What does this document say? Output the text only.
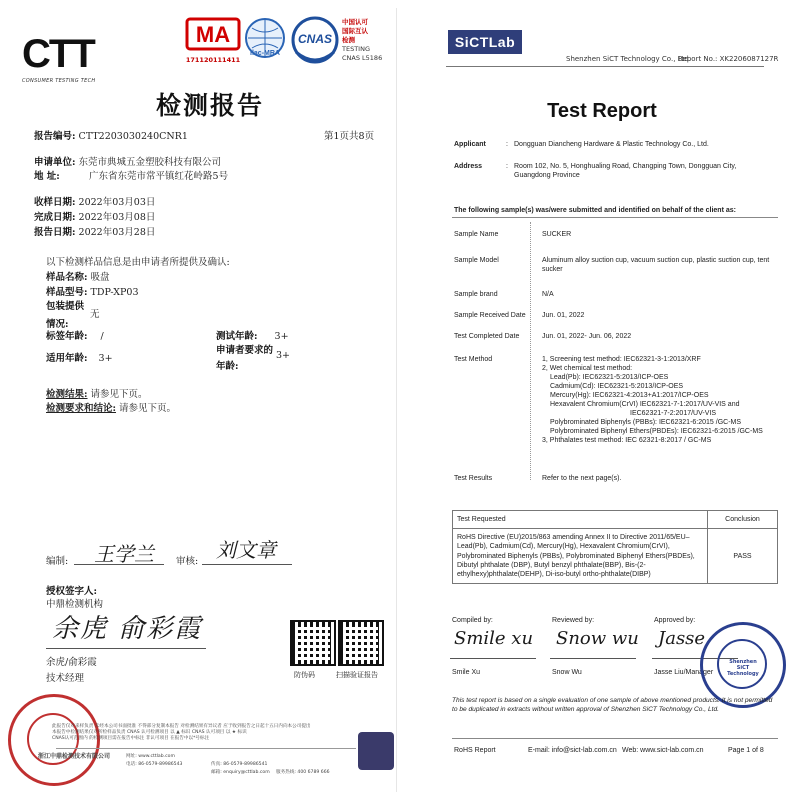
CTT
CONSUMER TESTING TECH
MA
171120111411
ilac-MRA
CNAS
中国认可
国际互认
检测
TESTING
CNAS L5186
检测报告
报告编号: CTT2203030240CNR1	第1页共8页
申请单位: 东莞市典城五金塑胶科技有限公司
地 址:	广东省东莞市常平镇红花岭路5号
收样日期: 2022年03月03日
完成日期: 2022年03月08日
报告日期: 2022年03月28日
以下检测样品信息是由申请者所提供及确认:
样品名称: 吸盘
样品型号: TDP-XP03
包装提供
情况:
无
标签年龄: /	测试年龄: 3+
适用年龄: 3+
申请者要求的
年龄:
3+
检测结果: 请参见下页。
检测要求和结论: 请参见下页。
编制: 王学兰 审核: 刘文章
授权签字人:
中鼎检测机构
余虎 俞彩霞
余虎/俞彩霞
技术经理	防伪码	扫描验证报告
此报告仅对来样负责 未经本公司书面批准 不得部分复制本报告 对检测结果有异议者 应于收到报告之日起十五日内向本公司提出
本报告中检测结果仅对所检样品负责 CNAS 认可检测项目 以 ▲ 标识 CNAS 认可项目 以 ★ 标识
CNAS认可范围内 的检测项目需在报告中标注 非认可项目 在报告中以*号标注
浙江中鼎检测技术有限公司	网址: www.cttlab.com
电话: 86-0579-89986543	传真: 86-0579-89986541
邮箱: enquiry@cttlab.com 服务热线: 400 6789 666
SiCTLab
Shenzhen SiCT Technology Co., Ltd.
Report No.: XK2206087127R
Test Report
Applicant	: Dongguan Diancheng Hardware & Plastic Technology Co., Ltd.
Address	: Room 102, No. 5, Honghualing Road, Changping Town, Dongguan City, Guangdong Province
The following sample(s) was/were submitted and identified on behalf of the client as:
Sample Name	SUCKER
Sample Model	Aluminum alloy suction cup, vacuum suction cup, plastic suction cup, tent sucker
Sample brand	N/A
Sample Received Date Jun. 01, 2022
Test Completed Date	Jun. 01, 2022- Jun. 06, 2022
Test Method	1, Screening test method: IEC62321-3-1:2013/XRF
2, Wet chemical test method:
Lead(Pb): IEC62321-5:2013/ICP-OES
Cadmium(Cd): IEC62321-5:2013/ICP-OES
Mercury(Hg): IEC62321-4:2013+A1:2017/ICP-OES
Hexavalent Chromium(CrVI) IEC62321-7-1:2017/UV-VIS and
IEC62321-7-2:2017/UV-VIS
Polybrominated Biphenyls (PBBs): IEC62321-6:2015 /GC-MS
Polybrominated Biphenyl Ethers(PBDEs): IEC62321-6:2015 /GC-MS
3, Phthalates test method: IEC 62321-8:2017 / GC-MS
Test Results	Refer to the next page(s).
Test Requested	Conclusion
RoHS Directive (EU)2015/863 amending Annex II to Directive 2011/65/EU– Lead(Pb), Cadmium(Cd), Mercury(Hg), Hexavalent Chromium(CrVI), Polybrominated Biphenyls (PBBs), Polybrominated Biphenyl Ethers(PBDEs), Dibutyl phthalate (DBP), Butyl benzyl phthalate(BBP), Bis-(2-ethylhexy)phthalate(DEHP), Di-iso-butyl ortho-phthalate(DIBP)	PASS
Compiled by:	Reviewed by:	Approved by:
Smile xu Snow wu Jasse
Smile Xu	Snow Wu	Jasse Liu/Manager
Shenzhen SiCT Technology
This test report is based on a single evaluation of one sample of above mentioned products. It is not permitted to be duplicated in extracts without written approval of Shenzhen SiCT Technology Co., Ltd.
RoHS Report	E-mail: info@sict-lab.com.cn Web: www.sict-lab.com.cn	Page 1 of 8
